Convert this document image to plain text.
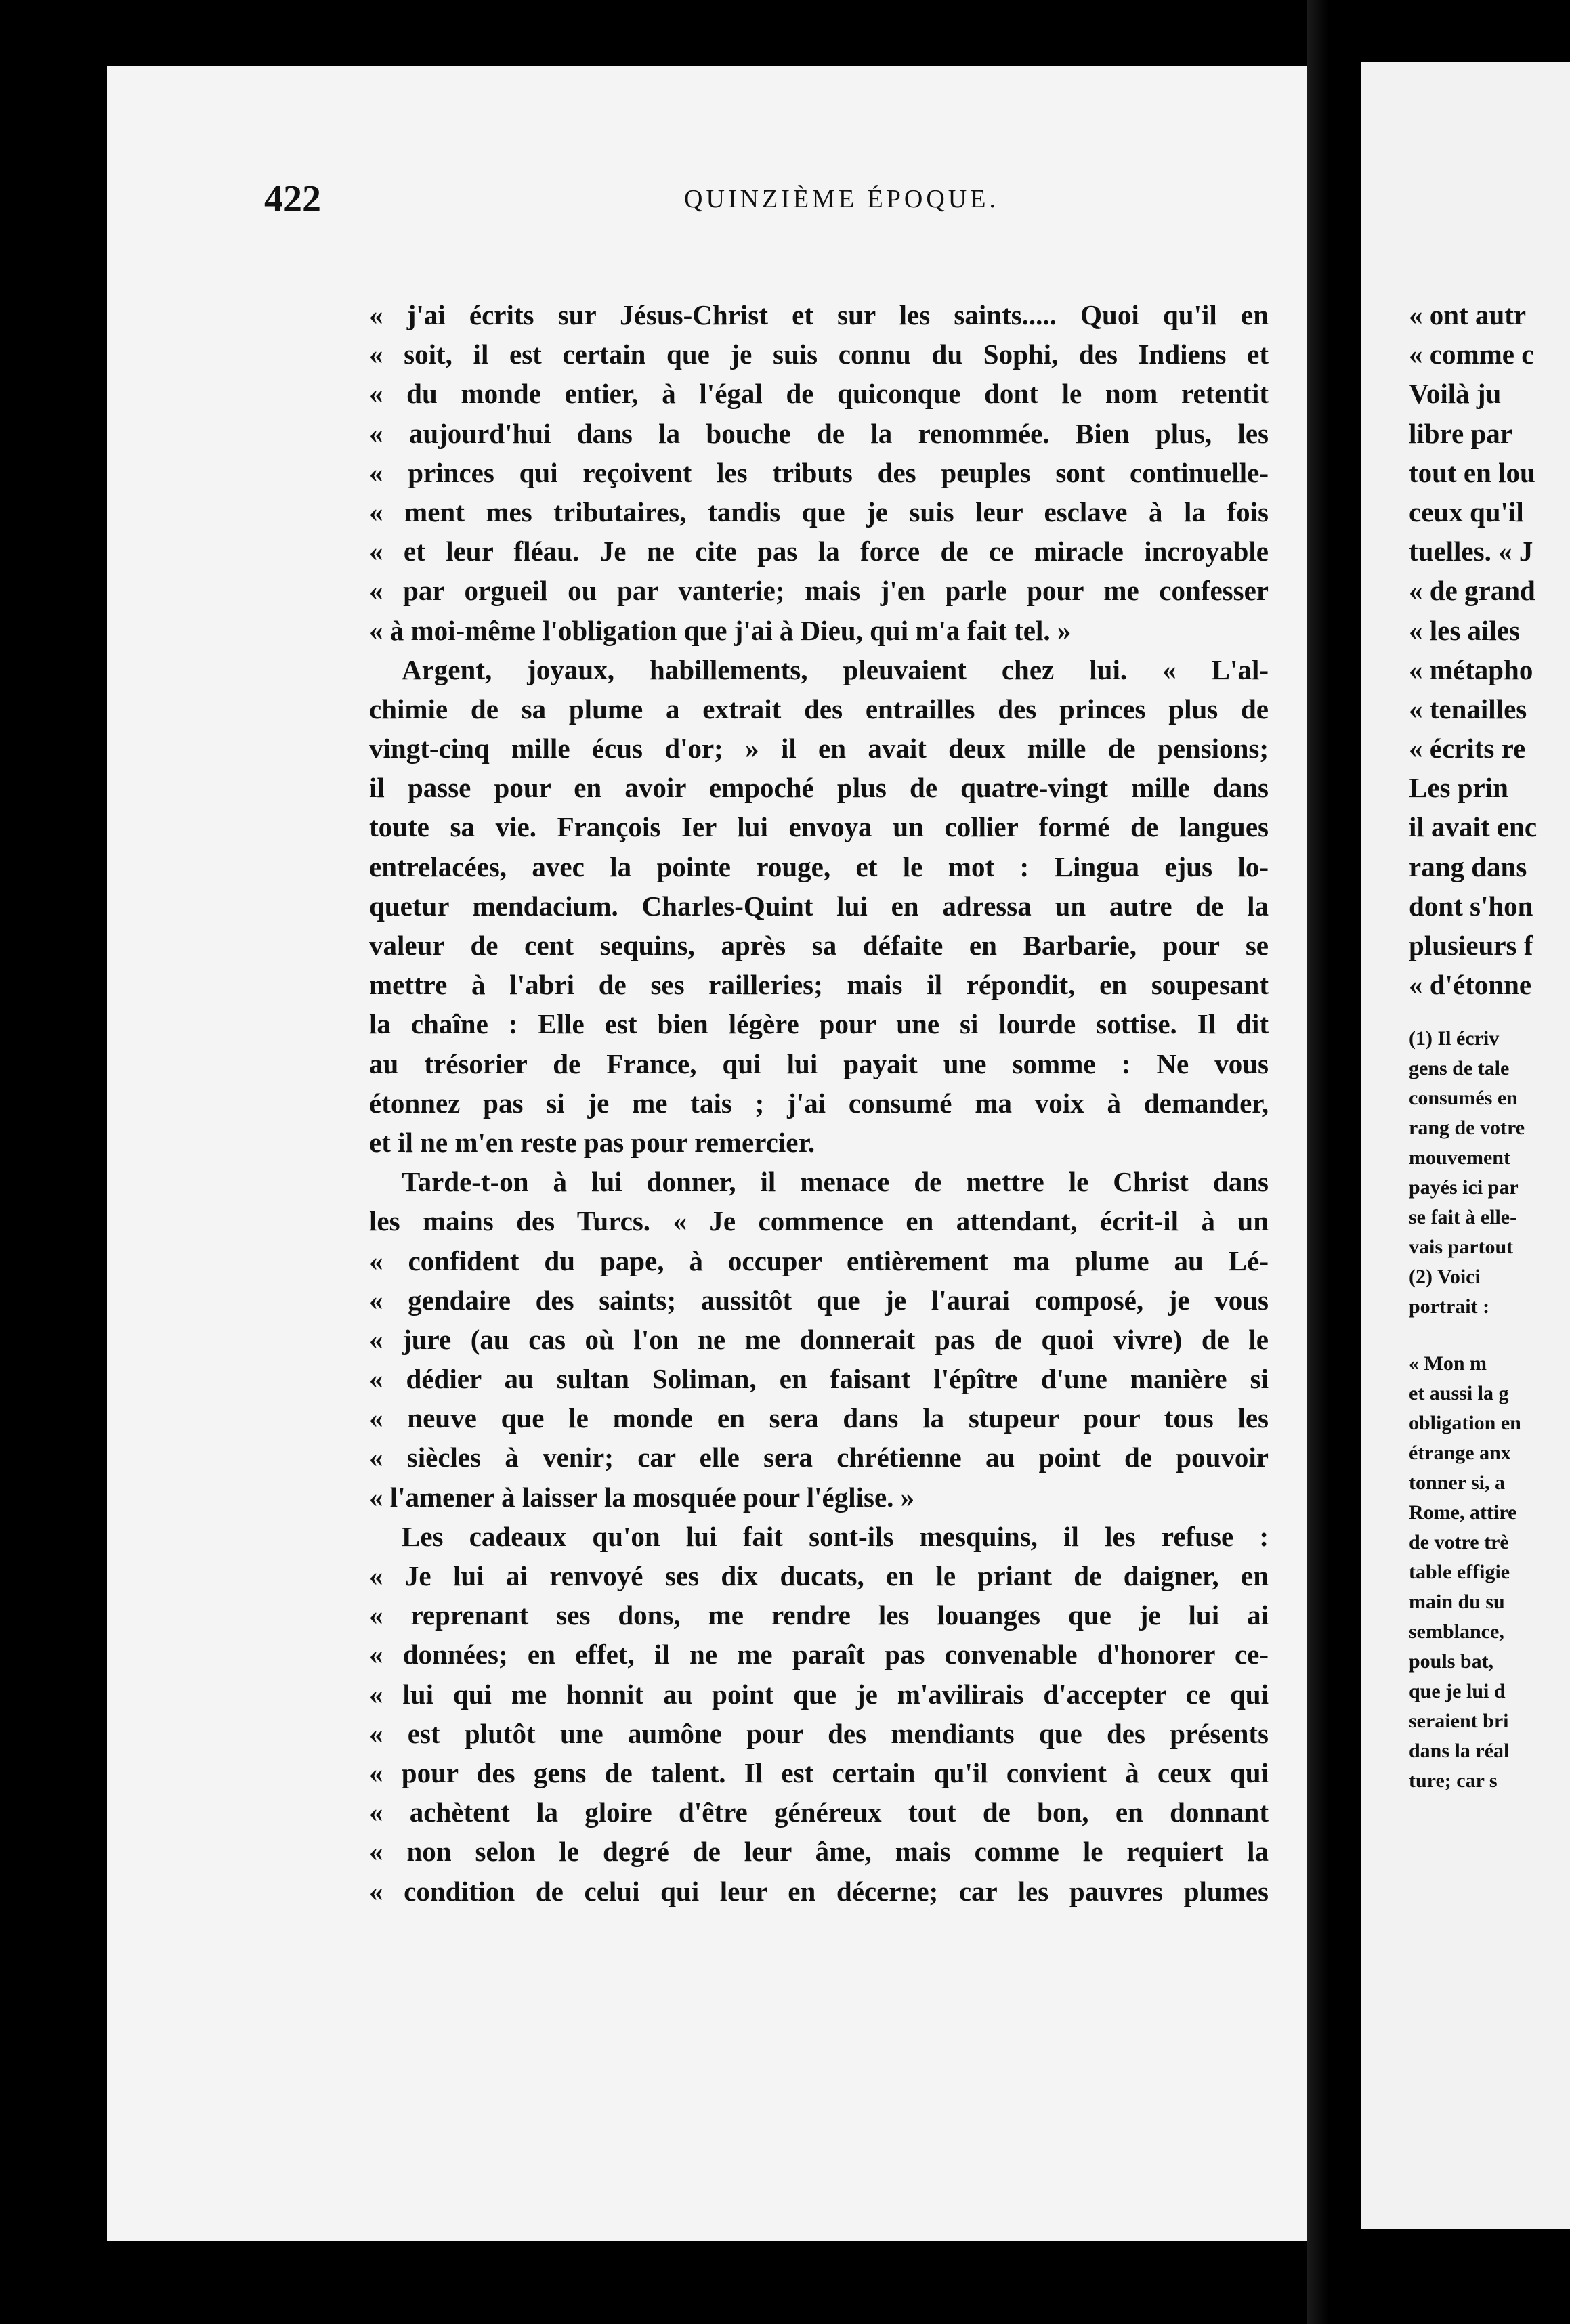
422	QUINZIÈME ÉPOQUE.
« j'ai écrits sur Jésus-Christ et sur les saints..... Quoi qu'il en
« soit, il est certain que je suis connu du Sophi, des Indiens et
« du monde entier, à l'égal de quiconque dont le nom retentit
« aujourd'hui dans la bouche de la renommée. Bien plus, les
« princes qui reçoivent les tributs des peuples sont continuelle-
« ment mes tributaires, tandis que je suis leur esclave à la fois
« et leur fléau. Je ne cite pas la force de ce miracle incroyable
« par orgueil ou par vanterie; mais j'en parle pour me confesser
« à moi-même l'obligation que j'ai à Dieu, qui m'a fait tel. »
Argent, joyaux, habillements, pleuvaient chez lui. « L'al-
chimie de sa plume a extrait des entrailles des princes plus de
vingt-cinq mille écus d'or; » il en avait deux mille de pensions;
il passe pour en avoir empoché plus de quatre-vingt mille dans
toute sa vie. François Ier lui envoya un collier formé de langues
entrelacées, avec la pointe rouge, et le mot : Lingua ejus lo-
quetur mendacium. Charles-Quint lui en adressa un autre de la
valeur de cent sequins, après sa défaite en Barbarie, pour se
mettre à l'abri de ses railleries; mais il répondit, en soupesant
la chaîne : Elle est bien légère pour une si lourde sottise. Il dit
au trésorier de France, qui lui payait une somme : Ne vous
étonnez pas si je me tais ; j'ai consumé ma voix à demander,
et il ne m'en reste pas pour remercier.
Tarde-t-on à lui donner, il menace de mettre le Christ dans
les mains des Turcs. « Je commence en attendant, écrit-il à un
« confident du pape, à occuper entièrement ma plume au Lé-
« gendaire des saints; aussitôt que je l'aurai composé, je vous
« jure (au cas où l'on ne me donnerait pas de quoi vivre) de le
« dédier au sultan Soliman, en faisant l'épître d'une manière si
« neuve que le monde en sera dans la stupeur pour tous les
« siècles à venir; car elle sera chrétienne au point de pouvoir
« l'amener à laisser la mosquée pour l'église. »
Les cadeaux qu'on lui fait sont-ils mesquins, il les refuse :
« Je lui ai renvoyé ses dix ducats, en le priant de daigner, en
« reprenant ses dons, me rendre les louanges que je lui ai
« données; en effet, il ne me paraît pas convenable d'honorer ce-
« lui qui me honnit au point que je m'avilirais d'accepter ce qui
« est plutôt une aumône pour des mendiants que des présents
« pour des gens de talent. Il est certain qu'il convient à ceux qui
« achètent la gloire d'être généreux tout de bon, en donnant
« non selon le degré de leur âme, mais comme le requiert la
« condition de celui qui leur en décerne; car les pauvres plumes
« ont autr
« comme c
Voilà ju
libre par
tout en lou
ceux qu'il
tuelles. « J
« de grand
« les ailes
« métapho
« tenailles
« écrits re
Les prin
il avait enc
rang dans
dont s'hon
plusieurs f
« d'étonne
(1) Il écriv
gens de tale
consumés en
rang de votre
mouvement
payés ici par
se fait à elle-
vais partout
(2) Voici
portrait :
« Mon m
et aussi la g
obligation en
étrange anx
tonner si, a
Rome, attire
de votre trè
table effigie
main du su
semblance,
pouls bat,
que je lui d
seraient bri
dans la réal
ture; car s
